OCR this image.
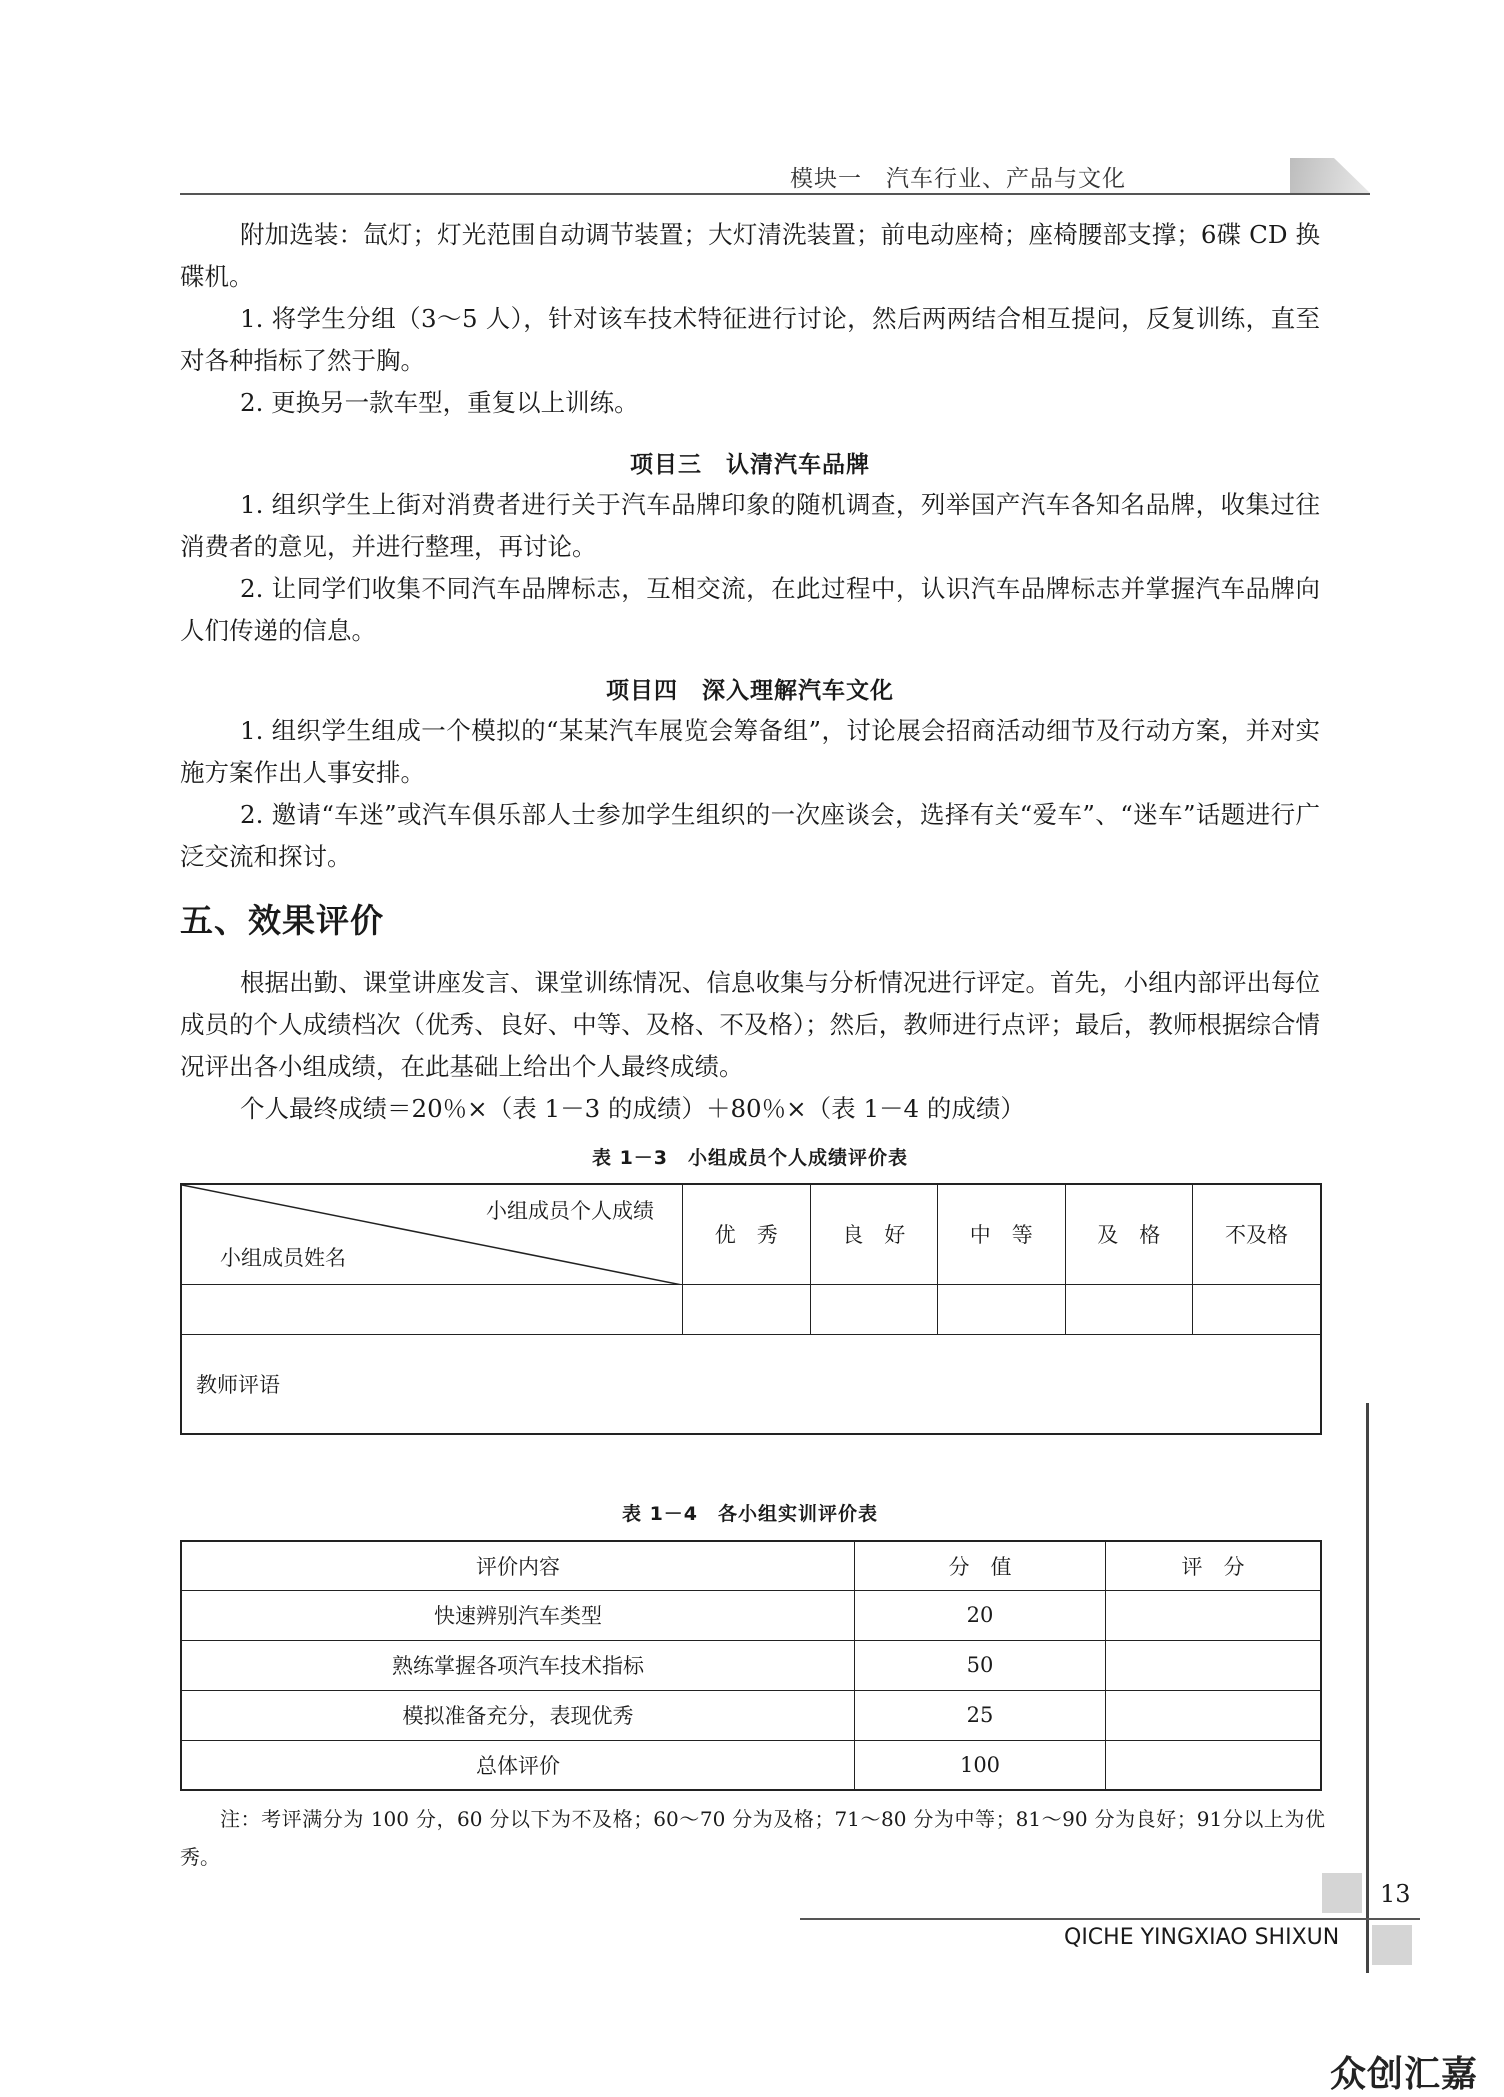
模块一　汽车行业、产品与文化

附加选装：氙灯；灯光范围自动调节装置；大灯清洗装置；前电动座椅；座椅腰部支撑；6碟 CD 换碟机。

1. 将学生分组（3～5 人），针对该车技术特征进行讨论，然后两两结合相互提问，反复训练，直至对各种指标了然于胸。

2. 更换另一款车型，重复以上训练。

项目三　认清汽车品牌

1. 组织学生上街对消费者进行关于汽车品牌印象的随机调查，列举国产汽车各知名品牌，收集过往消费者的意见，并进行整理，再讨论。

2. 让同学们收集不同汽车品牌标志，互相交流，在此过程中，认识汽车品牌标志并掌握汽车品牌向人们传递的信息。

项目四　深入理解汽车文化

1. 组织学生组成一个模拟的“某某汽车展览会筹备组”，讨论展会招商活动细节及行动方案，并对实施方案作出人事安排。

2. 邀请“车迷”或汽车俱乐部人士参加学生组织的一次座谈会，选择有关“爱车”、“迷车”话题进行广泛交流和探讨。

五、效果评价

根据出勤、课堂讲座发言、课堂训练情况、信息收集与分析情况进行评定。首先，小组内部评出每位成员的个人成绩档次（优秀、良好、中等、及格、不及格）；然后，教师进行点评；最后，教师根据综合情况评出各小组成绩，在此基础上给出个人最终成绩。

个人最终成绩＝20％×（表 1－3 的成绩）＋80％×（表 1－4 的成绩）

表 1－3　小组成员个人成绩评价表
小组成员个人成绩
小组成员姓名	优　秀	良　好	中　等	及　格	不及格

教师评语					
表 1－4　各小组实训评价表
评价内容	分　值	评　分
快速辨别汽车类型	20	
熟练掌握各项汽车技术指标	50	
模拟准备充分，表现优秀	25	
总体评价	100	

注：考评满分为 100 分，60 分以下为不及格；60～70 分为及格；71～80 分为中等；81～90 分为良好；91分以上为优秀。

13
QICHE YINGXIAO SHIXUN
众创汇嘉
